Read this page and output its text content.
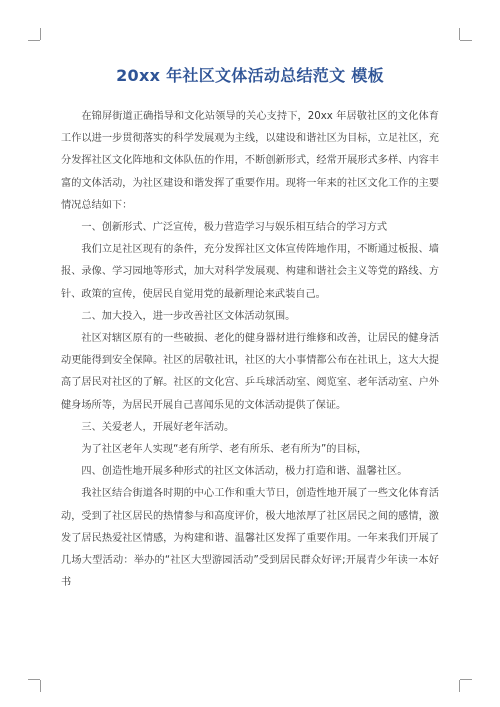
20xx 年社区文体活动总结范文 模板

在锦屏街道正确指导和文化站领导的关心支持下，20xx 年居敬社区的文化体育工作以进一步贯彻落实的科学发展观为主线，以建设和谐社区为目标，立足社区，充分发挥社区文化阵地和文体队伍的作用，不断创新形式，经常开展形式多样、内容丰富的文体活动，为社区建设和谐发挥了重要作用。现将一年来的社区文化工作的主要情况总结如下：

一、创新形式、广泛宣传，极力营造学习与娱乐相互结合的学习方式

我们立足社区现有的条件，充分发挥社区文体宣传阵地作用，不断通过板报、墙报、录像、学习园地等形式，加大对科学发展观、构建和谐社会主义等党的路线、方针、政策的宣传，使居民自觉用党的最新理论来武装自己。

二、加大投入，进一步改善社区文体活动氛围。

社区对辖区原有的一些破损、老化的健身器材进行维修和改善，让居民的健身活动更能得到安全保障。社区的居敬社讯，社区的大小事情都公布在社讯上，这大大提高了居民对社区的了解。社区的文化宫、乒乓球活动室、阅览室、老年活动室、户外健身场所等，为居民开展自己喜闻乐见的文体活动提供了保证。

三、关爱老人，开展好老年活动。

为了社区老年人实现“老有所学、老有所乐、老有所为”的目标，

四、创造性地开展多种形式的社区文体活动，极力打造和谐、温馨社区。

我社区结合街道各时期的中心工作和重大节日，创造性地开展了一些文化体育活动，受到了社区居民的热情参与和高度评价，极大地浓厚了社区居民之间的感情，激发了居民热爱社区情感，为构建和谐、温馨社区发挥了重要作用。一年来我们开展了几场大型活动：举办的“社区大型游园活动”受到居民群众好评;开展青少年读一本好书
